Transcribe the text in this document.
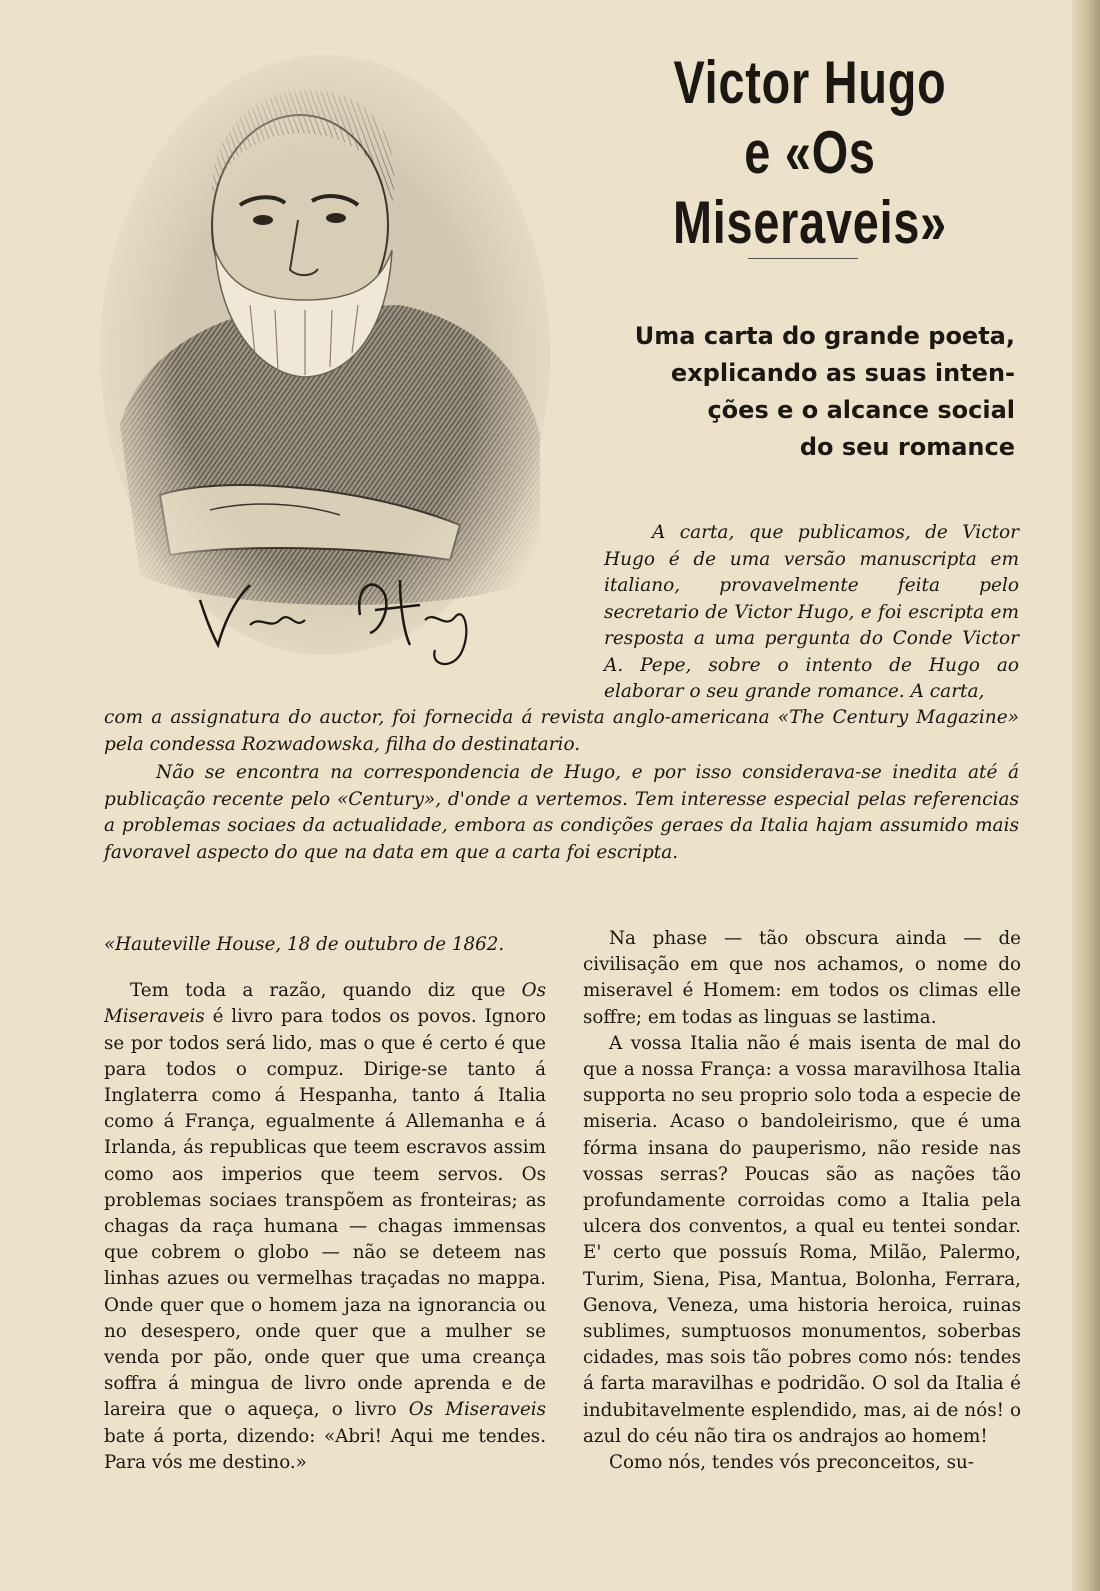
Victor Hugo
e «Os Miseraveis»
Uma carta do grande poeta,
explicando as suas inten-
ções e o alcance social
do seu romance
A carta, que publicamos, de Victor Hugo é de uma versão manuscripta em italiano, provavelmente feita pelo secretario de Victor Hugo, e foi escripta em resposta a uma pergunta do Conde Victor A. Pepe, sobre o intento de Hugo ao elaborar o seu grande romance. A carta,
com a assignatura do auctor, foi fornecida á revista anglo-americana «The Century Magazine» pela condessa Rozwadowska, filha do destinatario.
Não se encontra na correspondencia de Hugo, e por isso considerava-se inedita até á publicação recente pelo «Century», d'onde a vertemos. Tem interesse especial pelas referencias a problemas sociaes da actualidade, embora as condições geraes da Italia hajam assumido mais favoravel aspecto do que na data em que a carta foi escripta.

«Hauteville House, 18 de outubro de 1862.

Tem toda a razão, quando diz que Os Miseraveis é livro para todos os povos. Ignoro se por todos será lido, mas o que é certo é que para todos o compuz. Dirige-se tanto á Inglaterra como á Hespanha, tanto á Italia como á França, egualmente á Allemanha e á Irlanda, ás republicas que teem escravos assim como aos imperios que teem servos. Os problemas sociaes transpõem as fronteiras; as chagas da raça humana — chagas immensas que cobrem o globo — não se deteem nas linhas azues ou vermelhas traçadas no mappa. Onde quer que o homem jaza na ignorancia ou no desespero, onde quer que a mulher se venda por pão, onde quer que uma creança soffra á mingua de livro onde aprenda e de lareira que o aqueça, o livro Os Miseraveis bate á porta, dizendo: «Abri! Aqui me tendes. Para vós me destino.»

Na phase — tão obscura ainda — de civilisação em que nos achamos, o nome do miseravel é Homem: em todos os climas elle soffre; em todas as linguas se lastima.

A vossa Italia não é mais isenta de mal do que a nossa França: a vossa maravilhosa Italia supporta no seu proprio solo toda a especie de miseria. Acaso o bandoleirismo, que é uma fórma insana do pauperismo, não reside nas vossas serras? Poucas são as nações tão profundamente corroidas como a Italia pela ulcera dos conventos, a qual eu tentei sondar. E' certo que possuís Roma, Milão, Palermo, Turim, Siena, Pisa, Mantua, Bolonha, Ferrara, Genova, Veneza, uma historia heroica, ruinas sublimes, sumptuosos monumentos, soberbas cidades, mas sois tão pobres como nós: tendes á farta maravilhas e podridão. O sol da Italia é indubitavelmente esplendido, mas, ai de nós! o azul do céu não tira os andrajos ao homem!

Como nós, tendes vós preconceitos, su-
